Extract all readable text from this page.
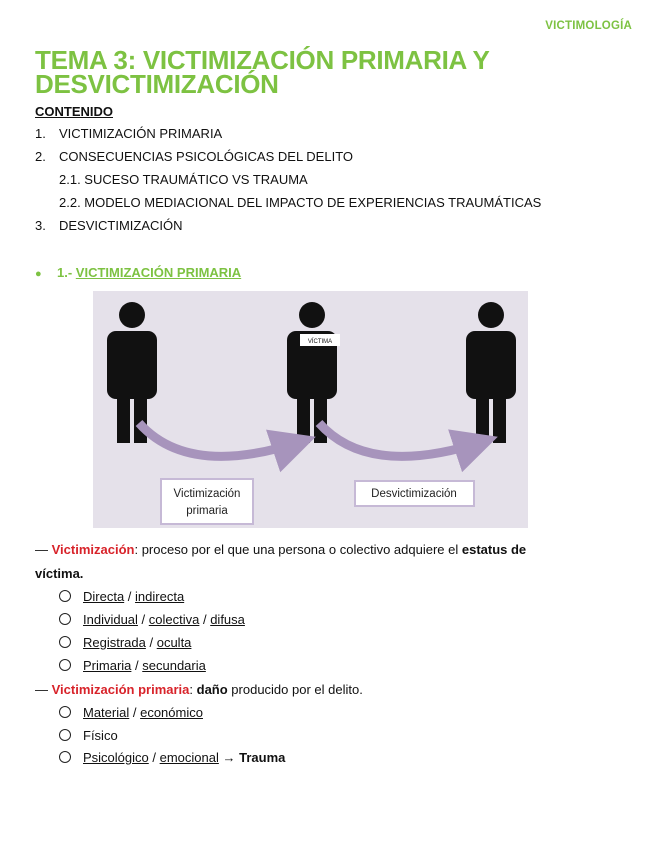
VICTIMOLOGÍA
TEMA 3: VICTIMIZACIÓN PRIMARIA Y
DESVICTIMIZACIÓN
CONTENIDO
1. VICTIMIZACIÓN PRIMARIA
2. CONSECUENCIAS PSICOLÓGICAS DEL DELITO
2.1. SUCESO TRAUMÁTICO VS TRAUMA
2.2. MODELO MEDIACIONAL DEL IMPACTO DE EXPERIENCIAS TRAUMÁTICAS
3. DESVICTIMIZACIÓN
● 1.- VICTIMIZACIÓN PRIMARIA
VÍCTIMA
Victimización
primaria
Desvictimización
— Victimización: proceso por el que una persona o colectivo adquiere el estatus de
víctima.
Directa / indirecta
Individual / colectiva / difusa
Registrada / oculta
Primaria / secundaria
— Victimización primaria: daño producido por el delito.
Material / económico
Físico
Psicológico / emocional → Trauma
